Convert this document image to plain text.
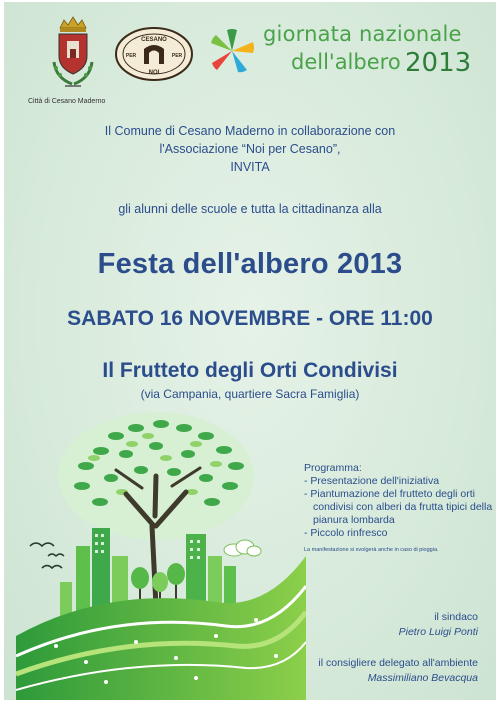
Città di Cesano Maderno
CESANO
PER	PER
NOI
giornata nazionale
dell'albero 2013
Il Comune di Cesano Maderno in collaborazione con
l'Associazione “Noi per Cesano”,
INVITA
gli alunni delle scuole e tutta la cittadinanza alla
Festa dell'albero 2013
SABATO 16 NOVEMBRE - ORE 11:00
Il Frutteto degli Orti Condivisi
(via Campania, quartiere Sacra Famiglia)
Programma:
- Presentazione dell'iniziativa
- Piantumazione del frutteto degli orti condivisi con alberi da frutta tipici della pianura lombarda
- Piccolo rinfresco
La manifestazione si svolgerà anche in caso di pioggia.
il sindaco
Pietro Luigi Ponti
il consigliere delegato all'ambiente
Massimiliano Bevacqua
